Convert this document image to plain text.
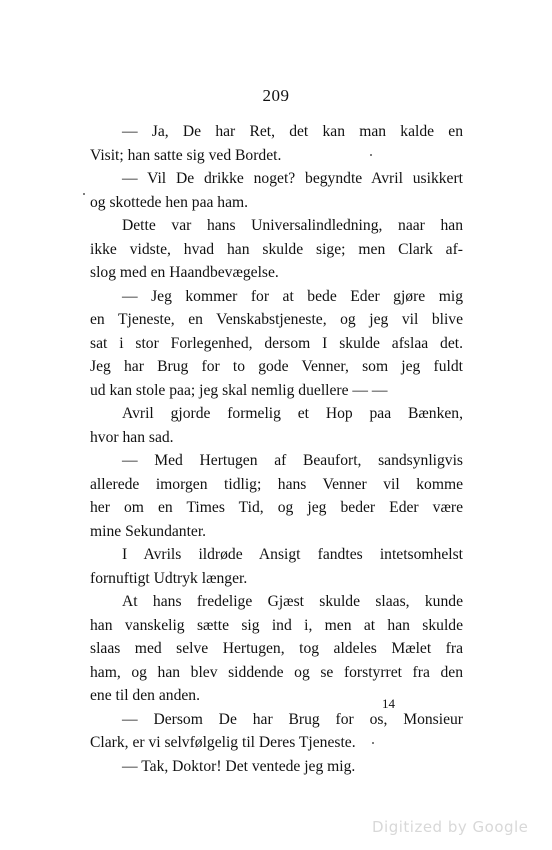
209
— Ja, De har Ret, det kan man kalde en
Visit; han satte sig ved Bordet.
— Vil De drikke noget? begyndte Avril usikkert
og skottede hen paa ham.
Dette var hans Universalindledning, naar han
ikke vidste, hvad han skulde sige; men Clark af-
slog med en Haandbevægelse.
— Jeg kommer for at bede Eder gjøre mig
en Tjeneste, en Venskabstjeneste, og jeg vil blive
sat i stor Forlegenhed, dersom I skulde afslaa det.
Jeg har Brug for to gode Venner, som jeg fuldt
ud kan stole paa; jeg skal nemlig duellere — —
Avril gjorde formelig et Hop paa Bænken,
hvor han sad.
— Med Hertugen af Beaufort, sandsynligvis
allerede imorgen tidlig; hans Venner vil komme
her om en Times Tid, og jeg beder Eder være
mine Sekundanter.
I Avrils ildrøde Ansigt fandtes intetsomhelst
fornuftigt Udtryk længer.
At hans fredelige Gjæst skulde slaas, kunde
han vanskelig sætte sig ind i, men at han skulde
slaas med selve Hertugen, tog aldeles Mælet fra
ham, og han blev siddende og se forstyrret fra den
ene til den anden.
— Dersom De har Brug for os, Monsieur
Clark, er vi selvfølgelig til Deres Tjeneste.
— Tak, Doktor! Det ventede jeg mig.
14
Digitized by Google
